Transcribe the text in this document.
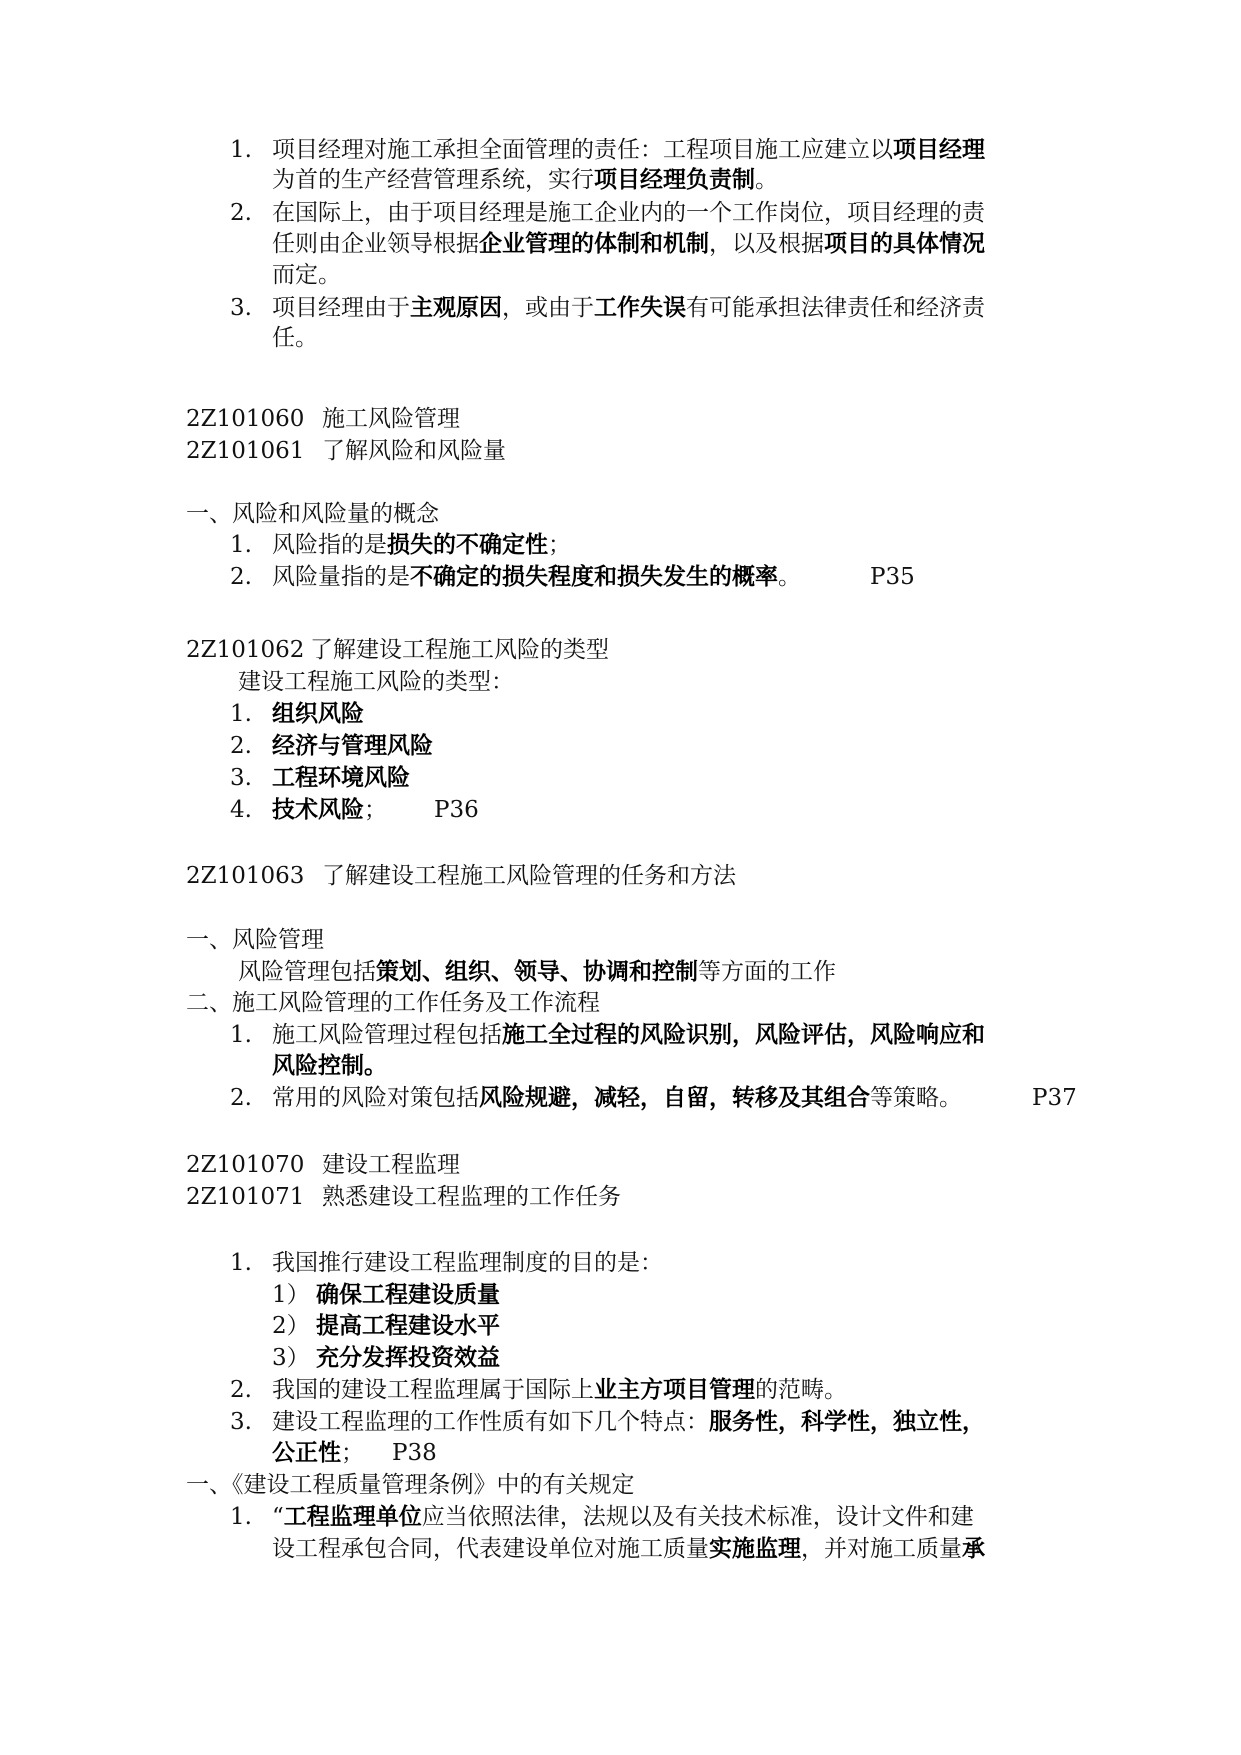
1. 项目经理对施工承担全面管理的责任：工程项目施工应建立以项目经理
为首的生产经营管理系统，实行项目经理负责制。
2. 在国际上，由于项目经理是施工企业内的一个工作岗位，项目经理的责
任则由企业领导根据企业管理的体制和机制，以及根据项目的具体情况
而定。
3. 项目经理由于主观原因，或由于工作失误有可能承担法律责任和经济责
任。
2Z101060 施工风险管理
2Z101061 了解风险和风险量
一、风险和风险量的概念
1. 风险指的是损失的不确定性；
2. 风险量指的是不确定的损失程度和损失发生的概率。	P35
2Z101062 了解建设工程施工风险的类型
建设工程施工风险的类型：
1. 组织风险
2. 经济与管理风险
3. 工程环境风险
4. 技术风险； P36
2Z101063 了解建设工程施工风险管理的任务和方法
一、风险管理
风险管理包括策划、组织、领导、协调和控制等方面的工作
二、施工风险管理的工作任务及工作流程
1. 施工风险管理过程包括施工全过程的风险识别，风险评估，风险响应和
风险控制。
2. 常用的风险对策包括风险规避，减轻，自留，转移及其组合等策略。	P37
2Z101070 建设工程监理
2Z101071 熟悉建设工程监理的工作任务
1. 我国推行建设工程监理制度的目的是：
1） 确保工程建设质量
2） 提高工程建设水平
3） 充分发挥投资效益
2. 我国的建设工程监理属于国际上业主方项目管理的范畴。
3. 建设工程监理的工作性质有如下几个特点：服务性，科学性，独立性，
公正性； P38
一、《建设工程质量管理条例》中的有关规定
1. “工程监理单位应当依照法律，法规以及有关技术标准，设计文件和建
设工程承包合同，代表建设单位对施工质量实施监理，并对施工质量承
